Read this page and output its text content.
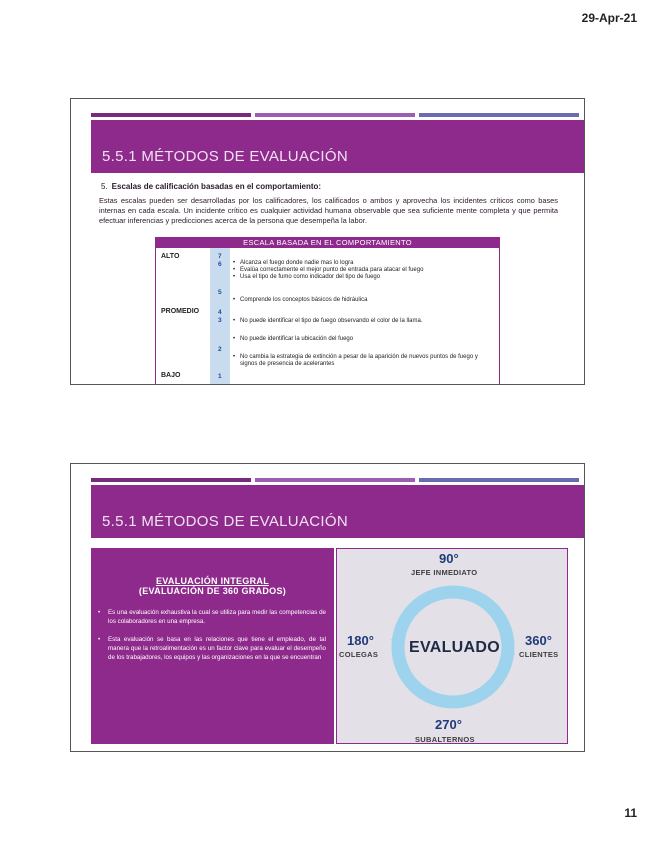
29-Apr-21
5.5.1 MÉTODOS DE EVALUACIÓN
5. Escalas de calificación basadas en el comportamiento:
Estas escalas pueden ser desarrolladas por los calificadores, los calificados o ambos y aprovecha los incidentes críticos como bases internas en cada escala. Un incidente crítico es cualquier actividad humana observable que sea suficiente mente completa y que permita efectuar inferencias y predicciones acerca de la persona que desempeña la labor.
ESCALA BASADA EN EL COMPORTAMIENTO
ALTO
PROMEDIO
BAJO
7
6
5
4
3
2
1
• Alcanza el fuego donde nadie mas lo logra
• Evalúa correctamente el mejor punto de entrada para atacar el fuego
• Usa el tipo de fumo como indicador del tipo de fuego
• Comprende los conceptos básicos de hidráulica
• No puede identificar el tipo de fuego observando el color de la llama.
• No puede identificar la ubicación del fuego
• No cambia la estrategia de extinción a pesar de la aparición de nuevos puntos de fuego y signos de presencia de acelerantes
5.5.1 MÉTODOS DE EVALUACIÓN
EVALUACIÓN INTEGRAL
(EVALUACIÓN DE 360 GRADOS)
• Es una evaluación exhaustiva la cual se utiliza para medir las competencias de los colaboradores en una empresa.
• Esta evaluación se basa en las relaciones que tiene el empleado, de tal manera que la retroalimentación es un factor clave para evaluar el desempeño de los trabajadores, los equipos y las organizaciones en la que se encuentran
90°
JEFE INMEDIATO
180°
COLEGAS
360°
CLIENTES
EVALUADO
270°
SUBALTERNOS
11
